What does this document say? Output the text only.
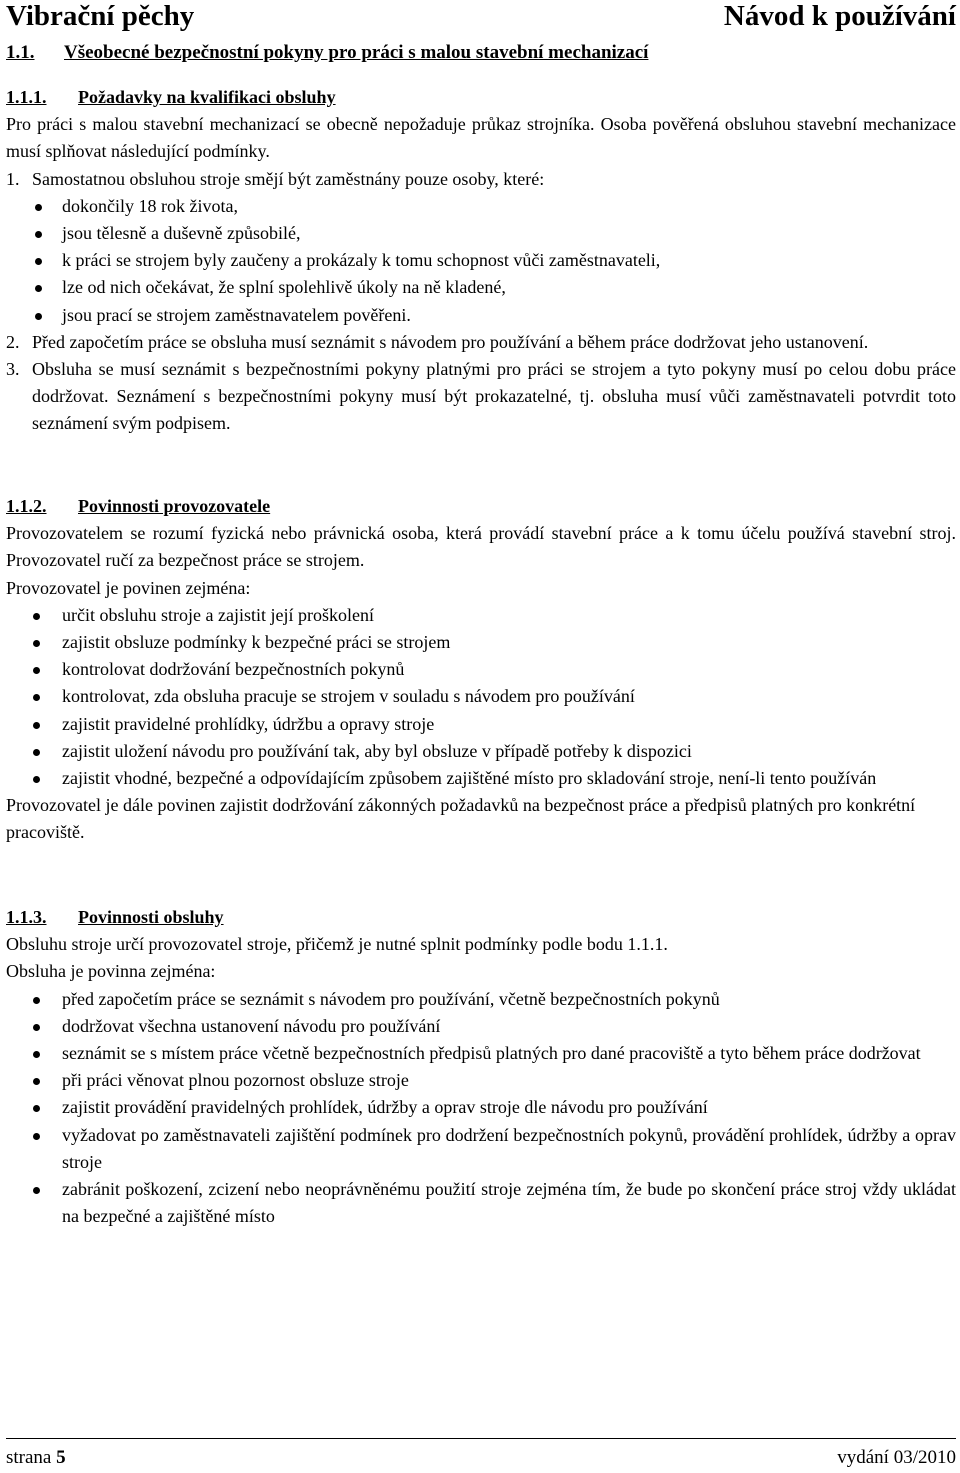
Vibrační pěchy	Návod k používání
1.1. Všeobecné bezpečnostní pokyny pro práci s malou stavební mechanizací
1.1.1. Požadavky na kvalifikaci obsluhy

Pro práci s malou stavební mechanizací se obecně nepožaduje průkaz strojníka. Osoba pověřená obsluhou stavební mechanizace musí splňovat následující podmínky.

1. Samostatnou obsluhou stroje smějí být zaměstnány pouze osoby, které:
dokončily 18 rok života,
jsou tělesně a duševně způsobilé,
k práci se strojem byly zaučeny a prokázaly k tomu schopnost vůči zaměstnavateli,
lze od nich očekávat, že splní spolehlivě úkoly na ně kladené,
jsou prací se strojem zaměstnavatelem pověřeni.
2. Před započetím práce se obsluha musí seznámit s návodem pro používání a během práce dodržovat jeho ustanovení.
3. Obsluha se musí seznámit s bezpečnostními pokyny platnými pro práci se strojem a tyto pokyny musí po celou dobu práce dodržovat. Seznámení s bezpečnostními pokyny musí být prokazatelné, tj. obsluha musí vůči zaměstnavateli potvrdit toto seznámení svým podpisem.
1.1.2. Povinnosti provozovatele

Provozovatelem se rozumí fyzická nebo právnická osoba, která provádí stavební práce a k tomu účelu používá stavební stroj. Provozovatel ručí za bezpečnost práce se strojem.

Provozovatel je povinen zejména:

určit obsluhu stroje a zajistit její proškolení
zajistit obsluze podmínky k bezpečné práci se strojem
kontrolovat dodržování bezpečnostních pokynů
kontrolovat, zda obsluha pracuje se strojem v souladu s návodem pro používání
zajistit pravidelné prohlídky, údržbu a opravy stroje
zajistit uložení návodu pro používání tak, aby byl obsluze v případě potřeby k dispozici
zajistit vhodné, bezpečné a odpovídajícím způsobem zajištěné místo pro skladování stroje, není-li tento používán

Provozovatel je dále povinen zajistit dodržování zákonných požadavků na bezpečnost práce a předpisů platných pro konkrétní pracoviště.

1.1.3. Povinnosti obsluhy

Obsluhu stroje určí provozovatel stroje, přičemž je nutné splnit podmínky podle bodu 1.1.1.

Obsluha je povinna zejména:

před započetím práce se seznámit s návodem pro používání, včetně bezpečnostních pokynů
dodržovat všechna ustanovení návodu pro používání
seznámit se s místem práce včetně bezpečnostních předpisů platných pro dané pracoviště a tyto během práce dodržovat
při práci věnovat plnou pozornost obsluze stroje
zajistit provádění pravidelných prohlídek, údržby a oprav stroje dle návodu pro používání
vyžadovat po zaměstnavateli zajištění podmínek pro dodržení bezpečnostních pokynů, provádění prohlídek, údržby a oprav stroje
zabránit poškození, zcizení nebo neoprávněnému použití stroje zejména tím, že bude po skončení práce stroj vždy ukládat na bezpečné a zajištěné místo
strana 5	vydání 03/2010
